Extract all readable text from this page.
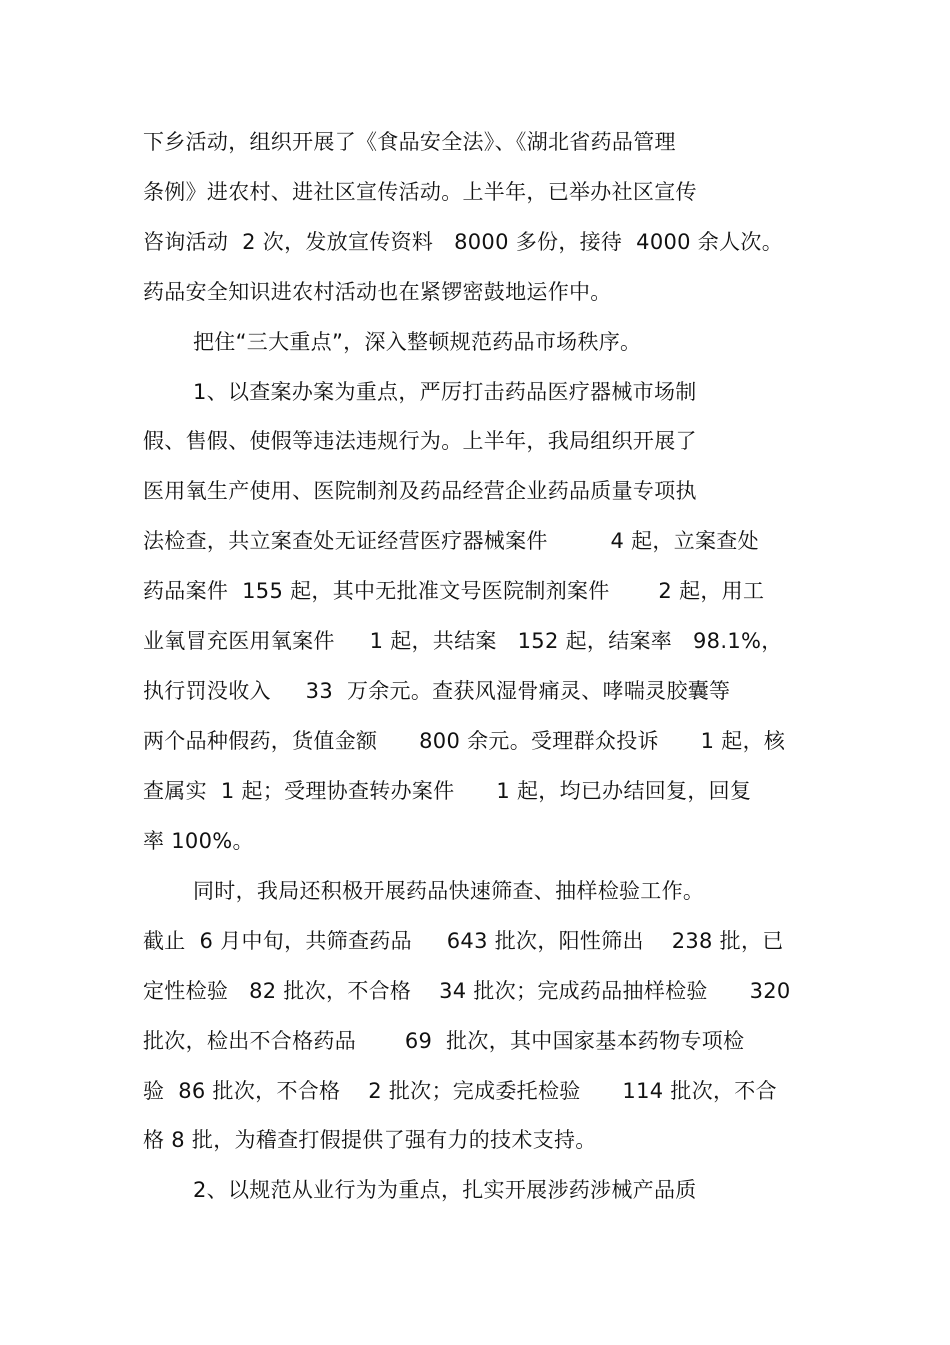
下乡活动，组织开展了《食品安全法》、《湖北省药品管理
条例》进农村、进社区宣传活动。上半年，已举办社区宣传
咨询活动  2 次，发放宣传资料   8000 多份，接待  4000 余人次。
药品安全知识进农村活动也在紧锣密鼓地运作中。
把住“三大重点”，深入整顿规范药品市场秩序。
1、以查案办案为重点，严厉打击药品医疗器械市场制
假、售假、使假等违法违规行为。上半年，我局组织开展了
医用氧生产使用、医院制剂及药品经营企业药品质量专项执
法检查，共立案查处无证经营医疗器械案件         4 起，立案查处
药品案件  155 起，其中无批准文号医院制剂案件       2 起，用工
业氧冒充医用氧案件     1 起，共结案   152 起，结案率   98.1%，
执行罚没收入     33  万余元。查获风湿骨痛灵、哮喘灵胶囊等
两个品种假药，货值金额      800 余元。受理群众投诉      1 起，核
查属实  1 起；受理协查转办案件      1 起，均已办结回复，回复
率 100%。
同时，我局还积极开展药品快速筛查、抽样检验工作。
截止  6 月中旬，共筛查药品     643 批次，阳性筛出    238 批，已
定性检验   82 批次，不合格    34 批次；完成药品抽样检验      320
批次，检出不合格药品       69  批次，其中国家基本药物专项检
验  86 批次，不合格    2 批次；完成委托检验      114 批次，不合
格 8 批，为稽查打假提供了强有力的技术支持。
2、以规范从业行为为重点，扎实开展涉药涉械产品质
